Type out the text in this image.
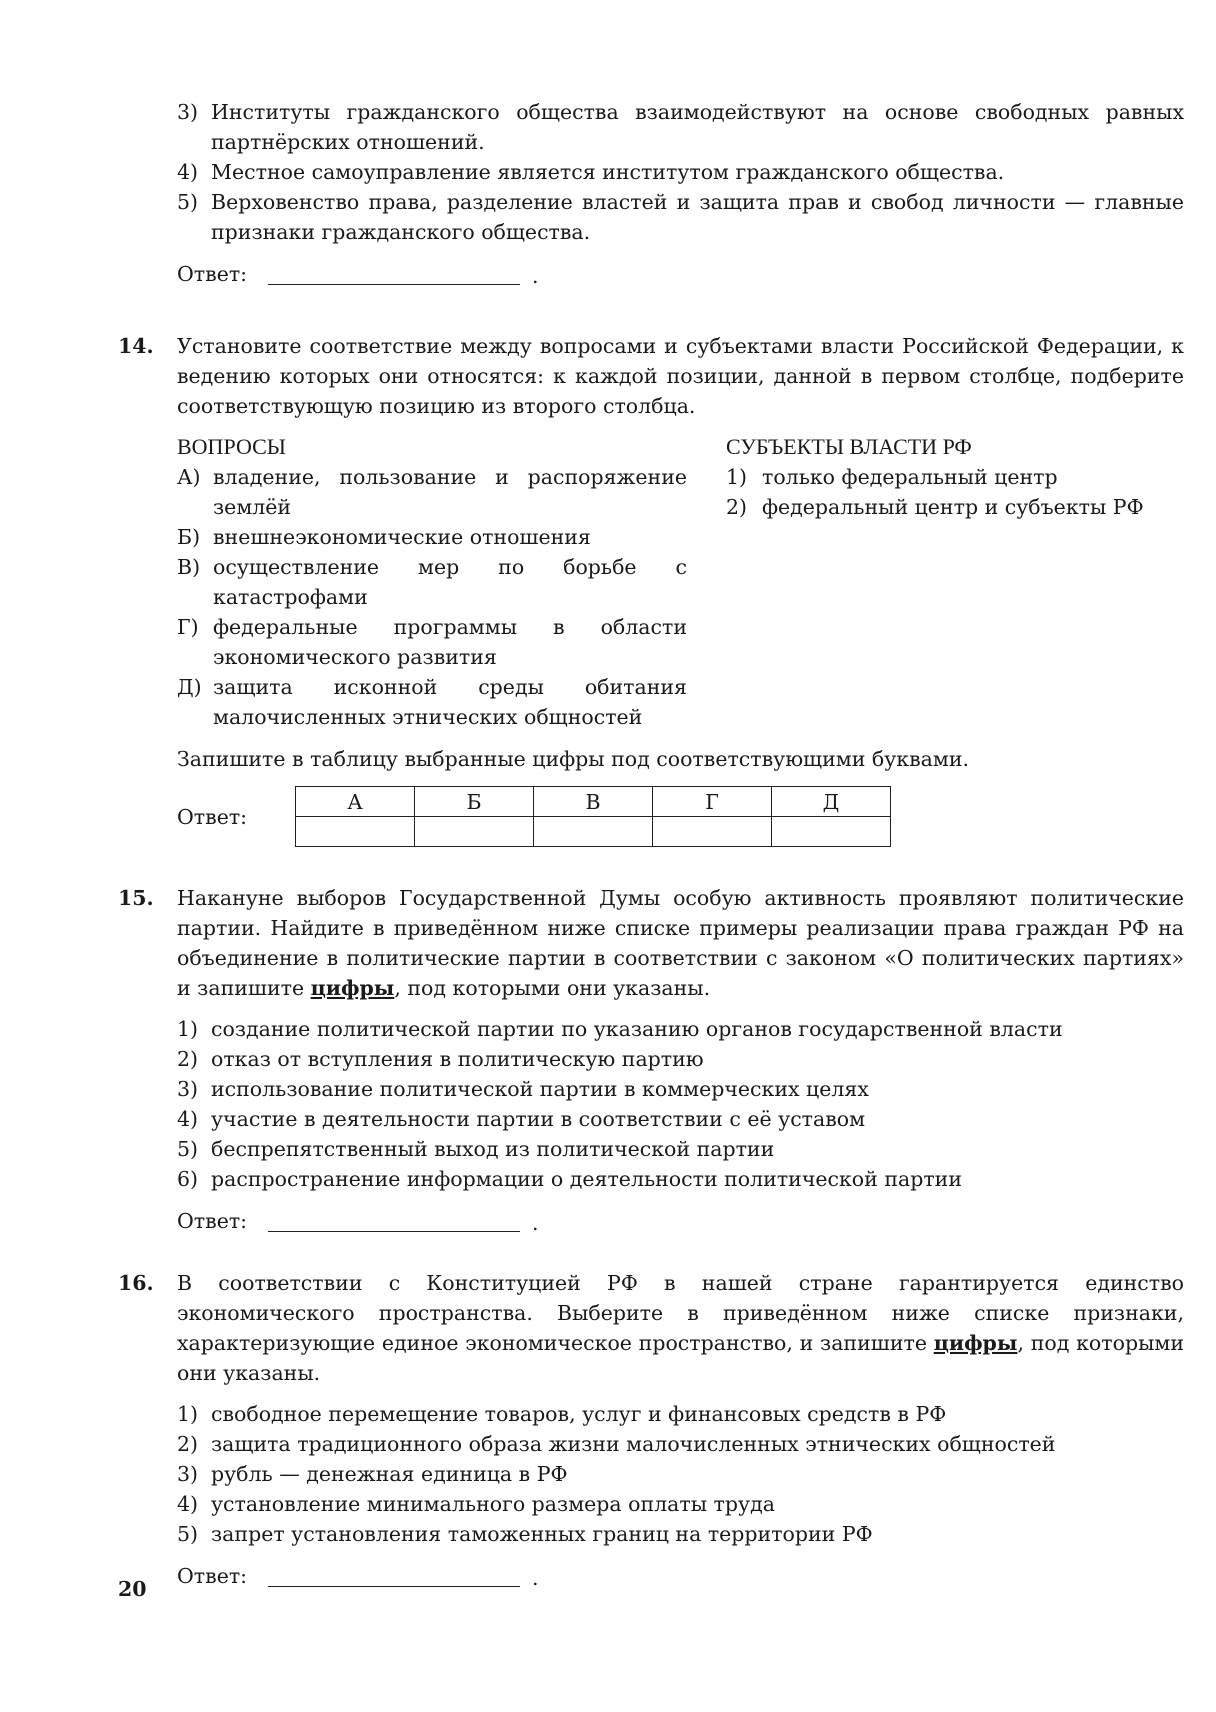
3) Институты гражданского общества взаимодействуют на основе свободных равных партнёрских отношений.
4) Местное самоуправление является институтом гражданского общества.
5) Верховенство права, разделение властей и защита прав и свобод личности — главные признаки гражданского общества.
Ответ:	.
14. Установите соответствие между вопросами и субъектами власти Российской Федерации, к ведению которых они относятся: к каждой позиции, данной в первом столбце, подберите соответствующую позицию из второго столбца.
ВОПРОСЫ
А) владение, пользование и распоряжение землёй
Б) внешнеэкономические отношения
В) осуществление мер по борьбе с катастрофами
Г) федеральные программы в области экономического развития
Д) защита исконной среды обитания малочисленных этнических общностей
СУБЪЕКТЫ ВЛАСТИ РФ
1) только федеральный центр
2) федеральный центр и субъекты РФ
Запишите в таблицу выбранные цифры под соответствующими буквами.
Ответ:
А	Б	В	Г	Д

15. Накануне выборов Государственной Думы особую активность проявляют политические партии. Найдите в приведённом ниже списке примеры реализации права граждан РФ на объединение в политические партии в соответствии с законом «О политических партиях» и запишите цифры, под которыми они указаны.
1) создание политической партии по указанию органов государственной власти
2) отказ от вступления в политическую партию
3) использование политической партии в коммерческих целях
4) участие в деятельности партии в соответствии с её уставом
5) беспрепятственный выход из политической партии
6) распространение информации о деятельности политической партии
Ответ:	.
16. В соответствии с Конституцией РФ в нашей стране гарантируется единство экономического пространства. Выберите в приведённом ниже списке признаки, характеризующие единое экономическое пространство, и запишите цифры, под которыми они указаны.
1) свободное перемещение товаров, услуг и финансовых средств в РФ
2) защита традиционного образа жизни малочисленных этнических общностей
3) рубль — денежная единица в РФ
4) установление минимального размера оплаты труда
5) запрет установления таможенных границ на территории РФ
Ответ:	.
20
